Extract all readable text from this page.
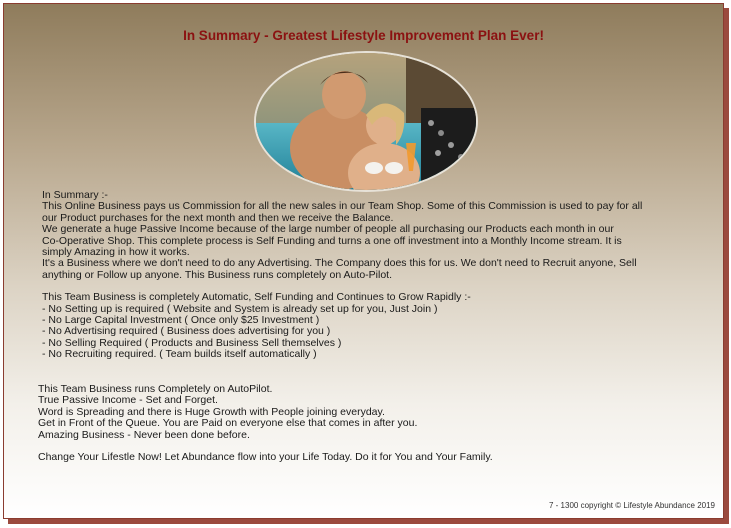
In Summary - Greatest Lifestyle Improvement Plan Ever!
In Summary :-
This Online Business pays us Commission for all the new sales in our Team Shop. Some of this Commission is used to pay for all
our Product purchases for the next month and then we receive the Balance.
We generate a huge Passive Income because of the large number of people all purchasing our Products each month in our
Co-Operative Shop. This complete process is Self Funding and turns a one off investment into a Monthly Income stream. It is
simply Amazing in how it works.
It's a Business where we don't need to do any Advertising. The Company does this for us. We don't need to Recruit anyone, Sell
anything or Follow up anyone. This Business runs completely on Auto-Pilot.
This Team Business is completely Automatic, Self Funding and Continues to Grow Rapidly :-
- No Setting up is required ( Website and System is already set up for you, Just Join )
- No Large Capital Investment ( Once only $25 Investment )
- No Advertising required ( Business does advertising for you )
- No Selling Required ( Products and Business Sell themselves )
- No Recruiting required. ( Team builds itself automatically )
This Team Business runs Completely on AutoPilot.
True Passive Income - Set and Forget.
Word is Spreading and there is Huge Growth with People joining everyday.
Get in Front of the Queue. You are Paid on everyone else that comes in after you.
Amazing Business - Never been done before.
Change Your Lifestle Now! Let Abundance flow into your Life Today. Do it for You and Your Family.
7 - 1300 copyright © Lifestyle Abundance 2019
